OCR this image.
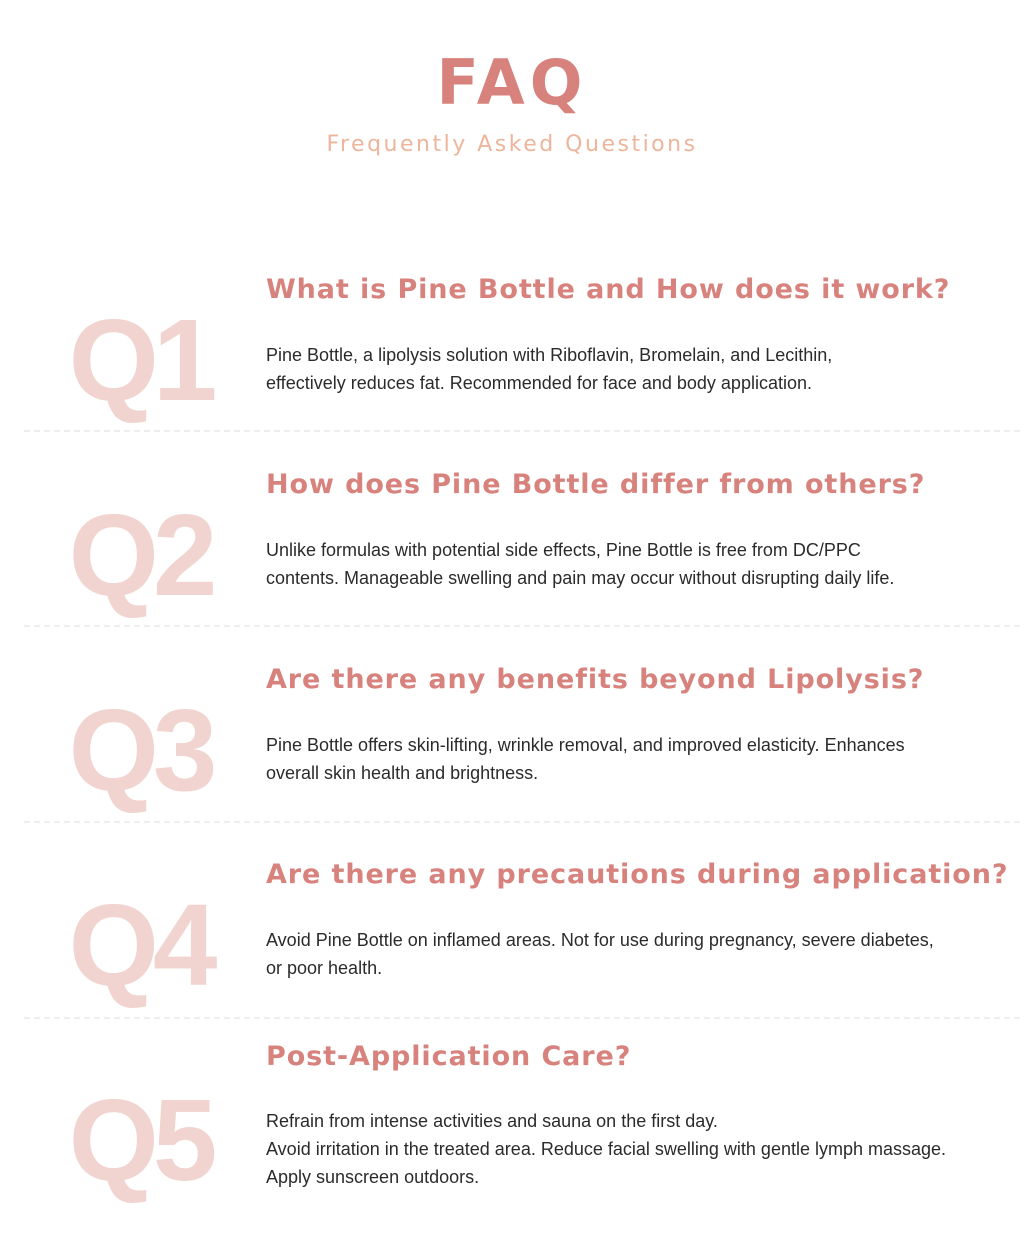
FAQ
Frequently Asked Questions
Q1
What is Pine Bottle and How does it work?
Pine Bottle, a lipolysis solution with Riboflavin, Bromelain, and Lecithin,
effectively reduces fat. Recommended for face and body application.
Q2
How does Pine Bottle differ from others?
Unlike formulas with potential side effects, Pine Bottle is free from DC/PPC
contents. Manageable swelling and pain may occur without disrupting daily life.
Q3
Are there any benefits beyond Lipolysis?
Pine Bottle offers skin-lifting, wrinkle removal, and improved elasticity. Enhances
overall skin health and brightness.
Q4
Are there any precautions during application?
Avoid Pine Bottle on inflamed areas. Not for use during pregnancy, severe diabetes,
or poor health.
Q5
Post-Application Care?
Refrain from intense activities and sauna on the first day.
Avoid irritation in the treated area. Reduce facial swelling with gentle lymph massage.
Apply sunscreen outdoors.
